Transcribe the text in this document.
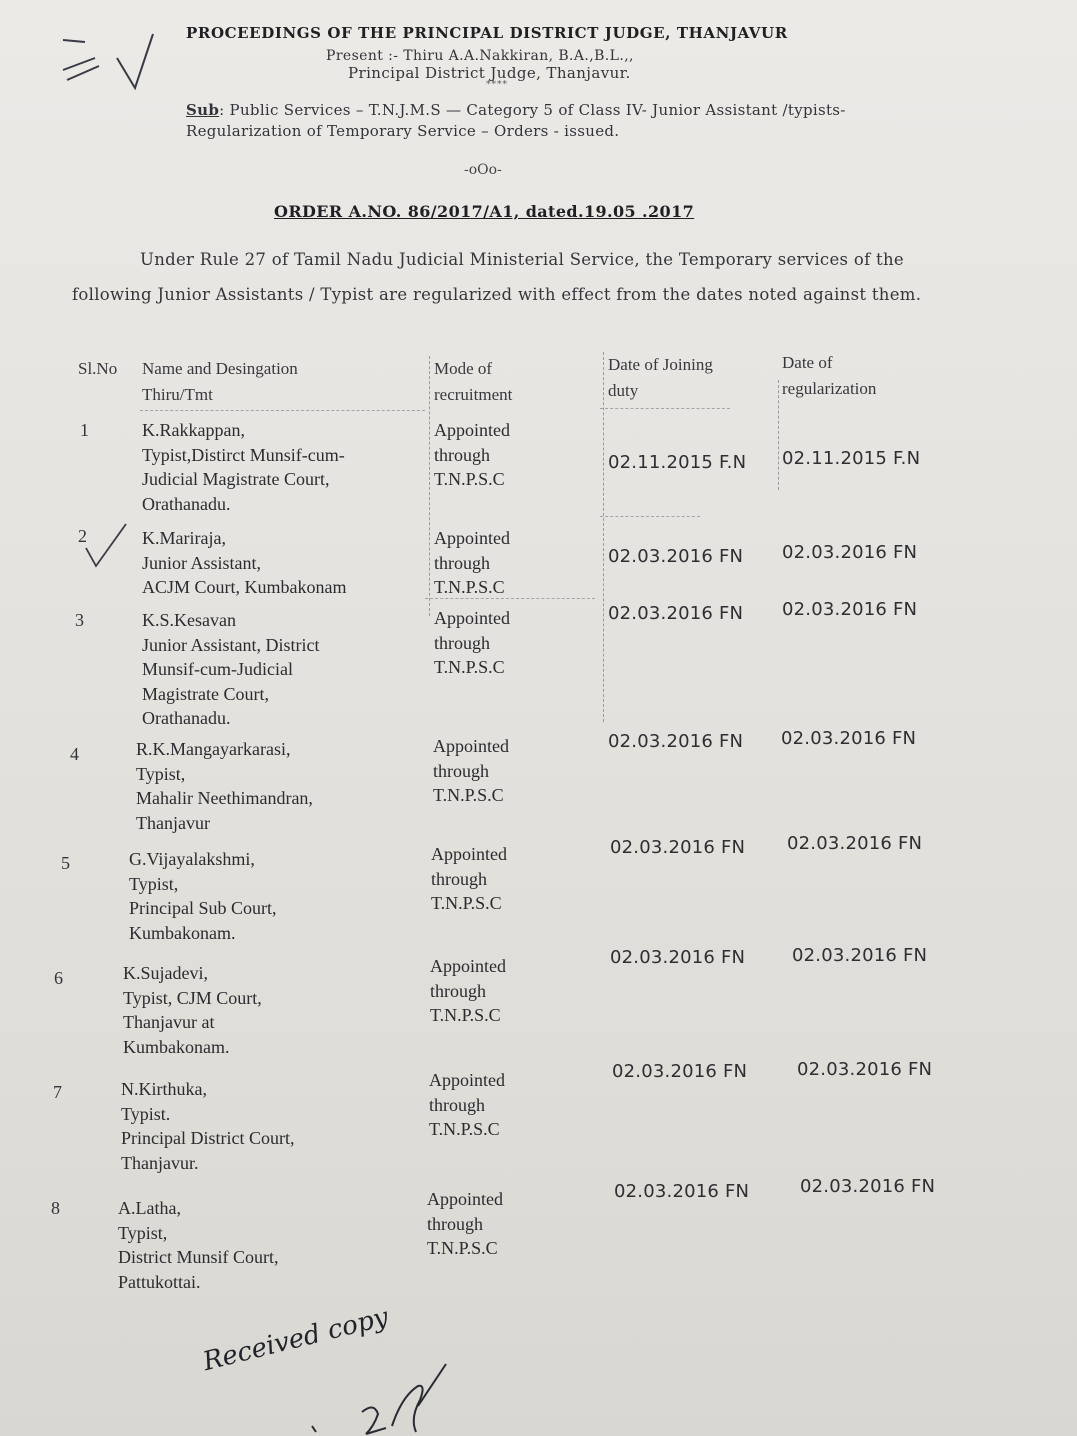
PROCEEDINGS OF THE PRINCIPAL DISTRICT JUDGE, THANJAVUR
Present :- Thiru A.A.Nakkiran, B.A.,B.L.,,
Principal District Judge, Thanjavur.
****
Sub: Public Services – T.N.J.M.S — Category 5 of Class IV- Junior Assistant /typists- Regularization of Temporary Service – Orders - issued.
-oOo-
ORDER A.NO. 86/2017/A1, dated.19.05 .2017
Under Rule 27 of Tamil Nadu Judicial Ministerial Service, the Temporary services of the following Junior Assistants / Typist are regularized with effect from the dates noted against them.
Sl.No Name and Desingation
Thiru/Tmt
Mode of
recruitment
Date of Joining
duty
Date of
regularization
1	K.Rakkappan,
Typist,Distirct Munsif-cum-
Judicial Magistrate Court,
Orathanadu.
Appointed
through
T.N.P.S.C
02.11.2015 F.N 02.11.2015 F.N
2	K.Mariraja,
Junior Assistant,
ACJM Court, Kumbakonam
Appointed
through
T.N.P.S.C
02.03.2016 FN 02.03.2016 FN
3	K.S.Kesavan
Junior Assistant, District
Munsif-cum-Judicial
Magistrate Court,
Orathanadu.
Appointed
through
T.N.P.S.C
02.03.2016 FN 02.03.2016 FN
4	R.K.Mangayarkarasi,
Typist,
Mahalir Neethimandran,
Thanjavur
Appointed
through
T.N.P.S.C
02.03.2016 FN 02.03.2016 FN
5	G.Vijayalakshmi,
Typist,
Principal Sub Court,
Kumbakonam.
Appointed
through
T.N.P.S.C
02.03.2016 FN 02.03.2016 FN
6	K.Sujadevi,
Typist, CJM Court,
Thanjavur at
Kumbakonam.
Appointed
through
T.N.P.S.C
02.03.2016 FN	02.03.2016 FN
7	N.Kirthuka,
Typist.
Principal District Court,
Thanjavur.
Appointed
through
T.N.P.S.C
02.03.2016 FN	02.03.2016 FN
8	A.Latha,
Typist,
District Munsif Court,
Pattukottai.
Appointed
through
T.N.P.S.C
02.03.2016 FN	02.03.2016 FN
Received copy
